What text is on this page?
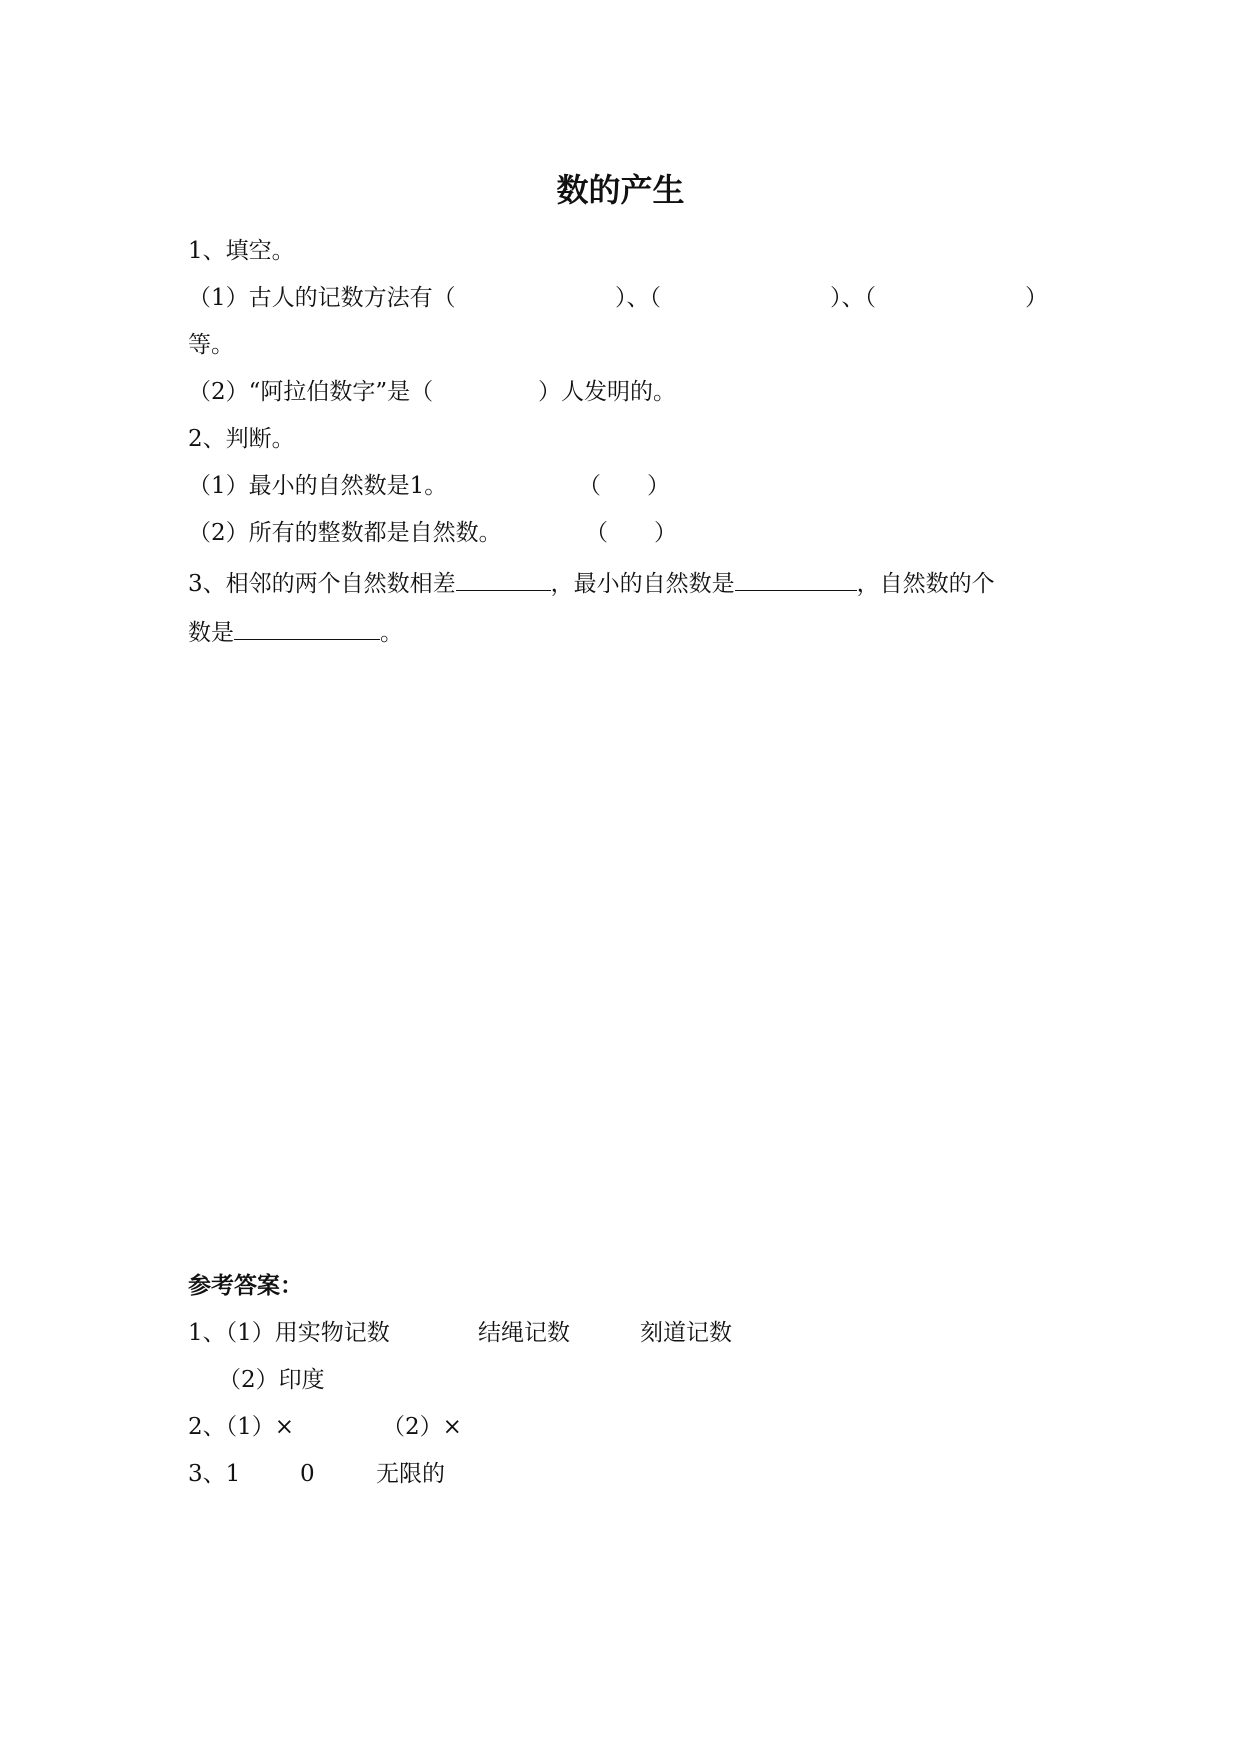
数的产生
1、填空。
（1）古人的记数方法有（	）、（	）、（	）
等。
（2）“阿拉伯数字”是（	）人发明的。
2、判断。
（1）最小的自然数是1。	（　　）
（2）所有的整数都是自然数。	（　　）
3、相邻的两个自然数相差	，最小的自然数是	，自然数的个
数是	。
参考答案：
1、（1）用实物记数	结绳记数	刻道记数
（2）印度
2、（1）×	（2）×
3、1	0	无限的
